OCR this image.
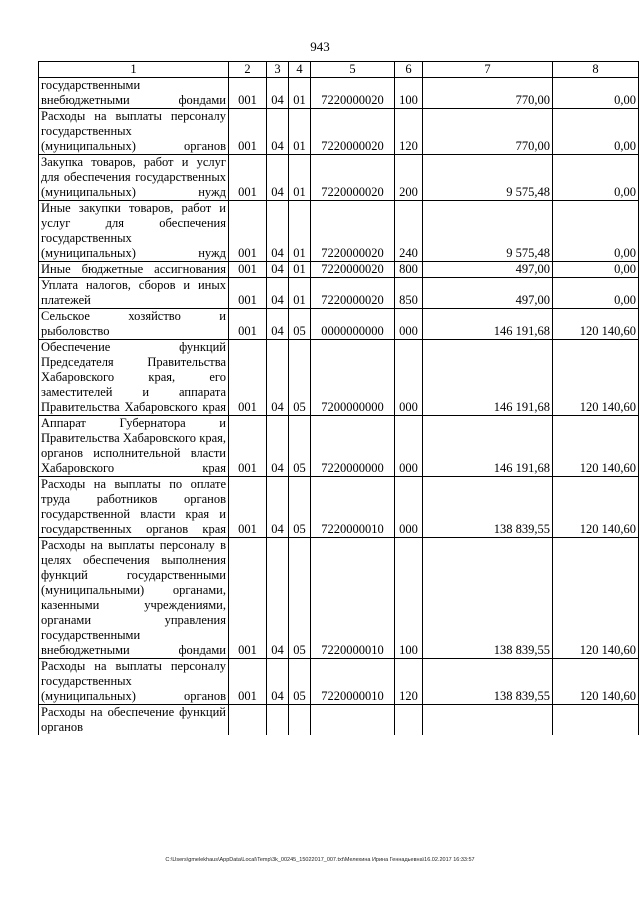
943
1	2	3	4	5	6	7	8
государственными внебюджетными фондами	001	04	01	7220000020	100	770,00	0,00
Расходы на выплаты персоналу государственных (муниципальных) органов	001	04	01	7220000020	120	770,00	0,00
Закупка товаров, работ и услуг для обеспечения государственных (муниципальных) нужд	001	04	01	7220000020	200	9 575,48	0,00
Иные закупки товаров, работ и услуг для обеспечения государственных (муниципальных) нужд	001	04	01	7220000020	240	9 575,48	0,00
Иные бюджетные ассигнования	001	04	01	7220000020	800	497,00	0,00
Уплата налогов, сборов и иных платежей	001	04	01	7220000020	850	497,00	0,00
Сельское хозяйство и рыболовство	001	04	05	0000000000	000	146 191,68	120 140,60
Обеспечение функций Председателя Правительства Хабаровского края, его заместителей и аппарата Правительства Хабаровского края	001	04	05	7200000000	000	146 191,68	120 140,60
Аппарат Губернатора и Правительства Хабаровского края, органов исполнительной власти Хабаровского края	001	04	05	7220000000	000	146 191,68	120 140,60
Расходы на выплаты по оплате труда работников органов государственной власти края и государственных органов края	001	04	05	7220000010	000	138 839,55	120 140,60
Расходы на выплаты персоналу в целях обеспечения выполнения функций государственными (муниципальными) органами, казенными учреждениями, органами управления государственными внебюджетными фондами	001	04	05	7220000010	100	138 839,55	120 140,60
Расходы на выплаты персоналу государственных (муниципальных) органов	001	04	05	7220000010	120	138 839,55	120 140,60
Расходы на обеспечение функций органов							
C:\Users\gmelekhaus\AppData\Local\Temp\3k_00245_15022017_007.txt\Мелехина Ирина Геннадьевна\16.02.2017 16:33:57
